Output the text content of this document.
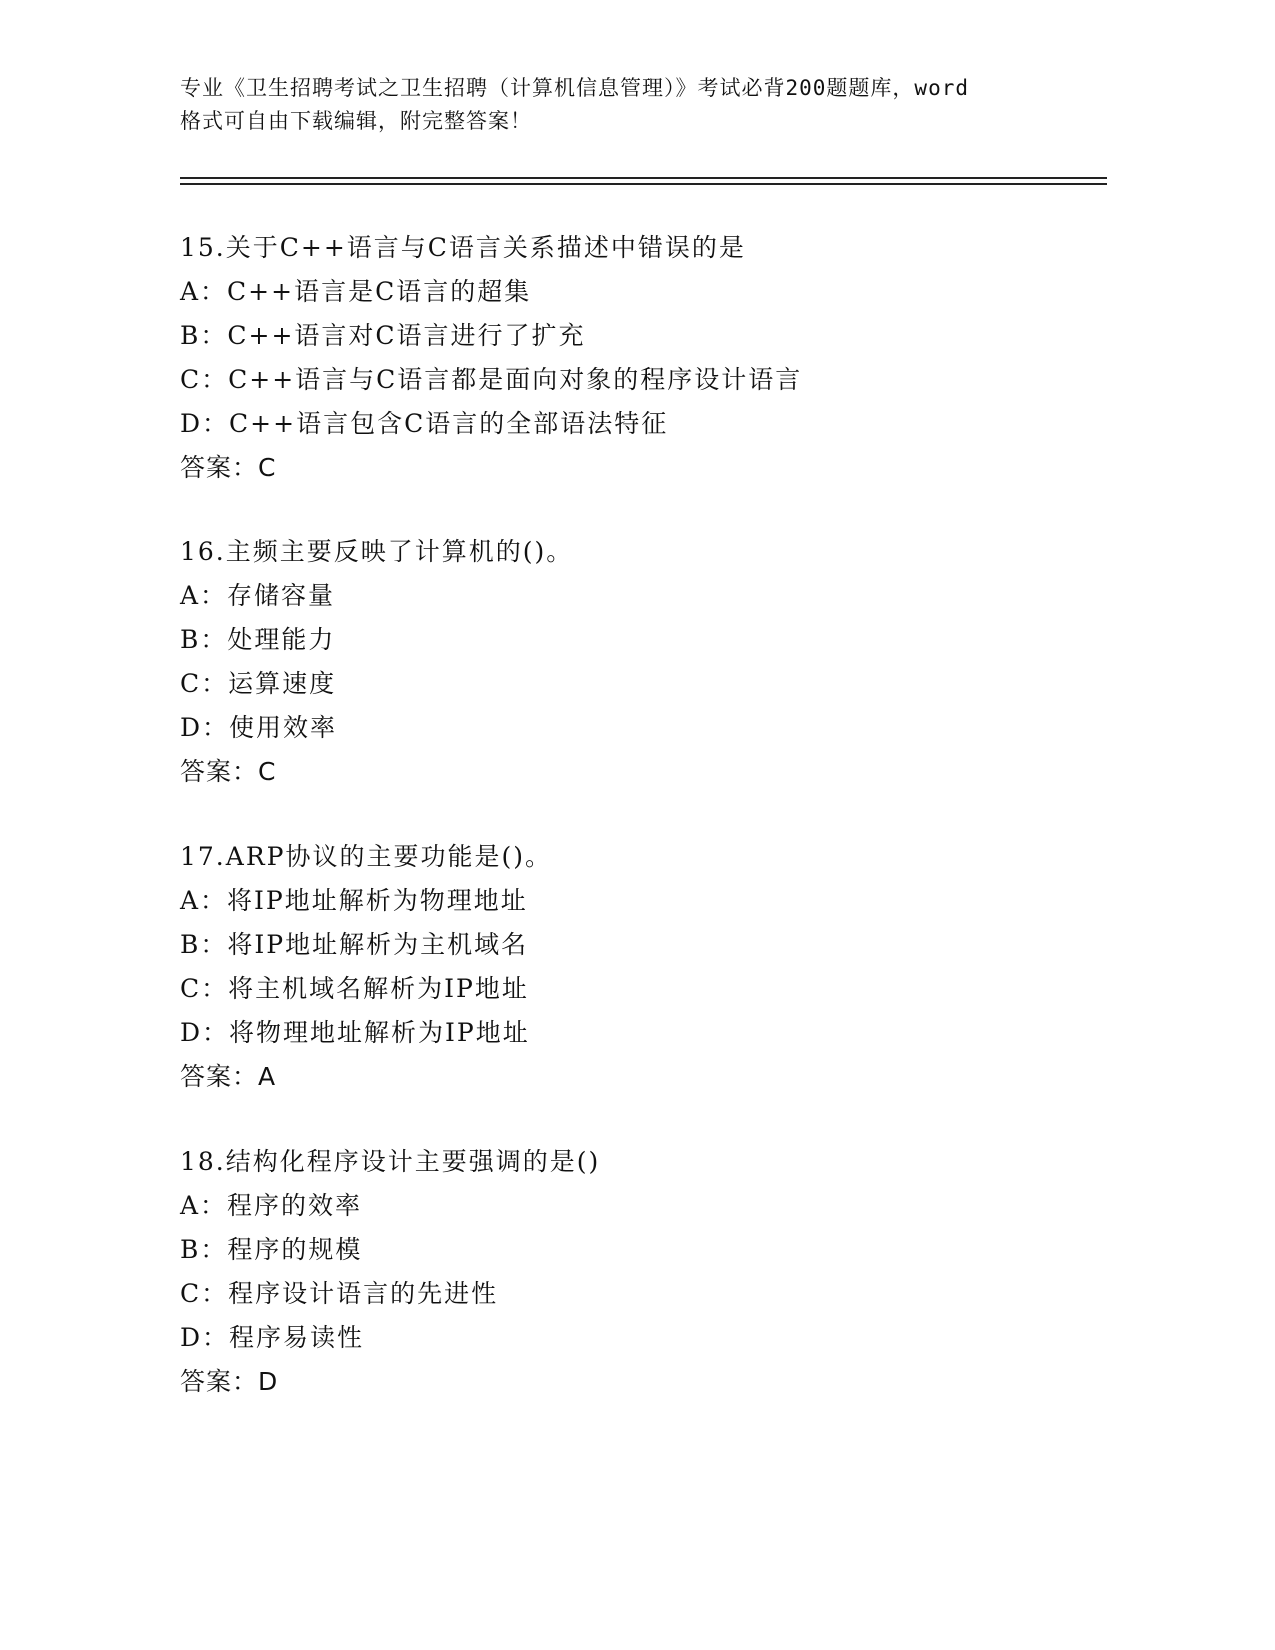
专业《卫生招聘考试之卫生招聘（计算机信息管理）》考试必背200题题库，word
格式可自由下载编辑，附完整答案！
15.关于C++语言与C语言关系描述中错误的是
A：C++语言是C语言的超集
B：C++语言对C语言进行了扩充
C：C++语言与C语言都是面向对象的程序设计语言
D：C++语言包含C语言的全部语法特征
答案：C
16.主频主要反映了计算机的()。
A：存储容量
B：处理能力
C：运算速度
D：使用效率
答案：C
17.ARP协议的主要功能是()。
A：将IP地址解析为物理地址
B：将IP地址解析为主机域名
C：将主机域名解析为IP地址
D：将物理地址解析为IP地址
答案：A
18.结构化程序设计主要强调的是()
A：程序的效率
B：程序的规模
C：程序设计语言的先进性
D：程序易读性
答案：D
